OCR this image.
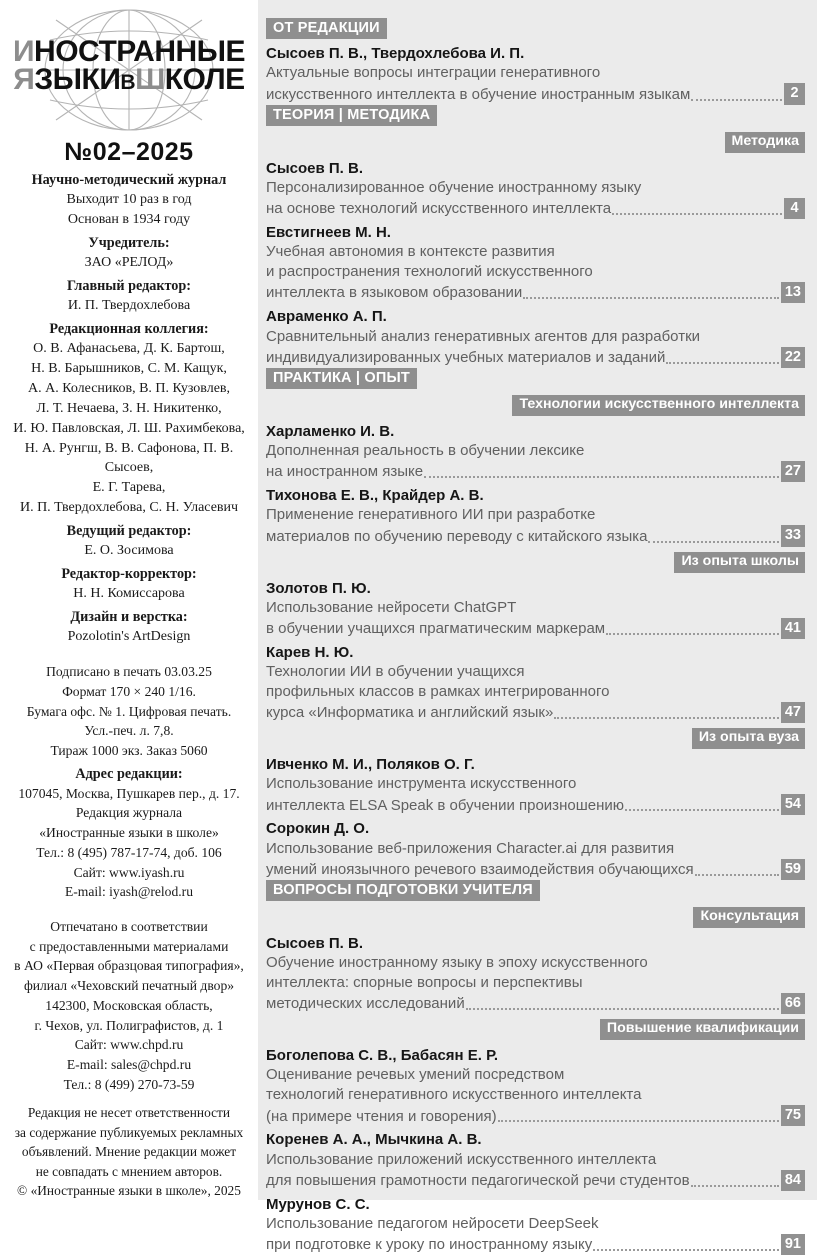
ИНОСТРАННЫЕ
ЯЗЫКИВШКОЛЕ
№02–2025
Научно-методический журнал
Выходит 10 раз в год
Основан в 1934 году
Учредитель:
ЗАО «РЕЛОД»
Главный редактор:
И. П. Твердохлебова
Редакционная коллегия:
О. В. Афанасьева, Д. К. Бартош,
Н. В. Барышников, С. М. Кащук,
А. А. Колесников, В. П. Кузовлев,
Л. Т. Нечаева, З. Н. Никитенко,
И. Ю. Павловская, Л. Ш. Рахимбекова,
Н. А. Рунгш, В. В. Сафонова, П. В. Сысоев,
Е. Г. Тарева,
И. П. Твердохлебова, С. Н. Уласевич
Ведущий редактор:
Е. О. Зосимова
Редактор-корректор:
Н. Н. Комиссарова
Дизайн и верстка:
Pozolotin's ArtDesign
Подписано в печать 03.03.25
Формат 170 × 240 1/16.
Бумага офс. № 1. Цифровая печать.
Усл.-печ. л. 7,8.
Тираж 1000 экз. Заказ 5060
Адрес редакции:
107045, Москва, Пушкарев пер., д. 17.
Редакция журнала
«Иностранные языки в школе»
Тел.: 8 (495) 787-17-74, доб. 106
Сайт: www.iyash.ru
E-mail: iyash@relod.ru
Отпечатано в соответствии
с предоставленными материалами
в АО «Первая образцовая типография»,
филиал «Чеховский печатный двор»
142300, Московская область,
г. Чехов, ул. Полиграфистов, д. 1
Сайт: www.chpd.ru
E-mail: sales@chpd.ru
Тел.: 8 (499) 270-73-59
Редакция не несет ответственности
за содержание публикуемых рекламных
объявлений. Мнение редакции может
не совпадать с мнением авторов.
© «Иностранные языки в школе», 2025
ОТ РЕДАКЦИИ
Сысоев П. В., Твердохлебова И. П.
Актуальные вопросы интеграции генеративного
искусственного интеллекта в обучение иностранным языкам	2
ТЕОРИЯ | МЕТОДИКА
Методика
Сысоев П. В.
Персонализированное обучение иностранному языку
на основе технологий искусственного интеллекта	4
Евстигнеев М. Н.
Учебная автономия в контексте развития
и распространения технологий искусственного
интеллекта в языковом образовании	13
Авраменко А. П.
Сравнительный анализ генеративных агентов для разработки
индивидуализированных учебных материалов и заданий	22
ПРАКТИКА | ОПЫТ
Технологии искусственного интеллекта
Харламенко И. В.
Дополненная реальность в обучении лексике
на иностранном языке	27
Тихонова Е. В., Крайдер А. В.
Применение генеративного ИИ при разработке
материалов по обучению переводу с китайского языка	33
Из опыта школы
Золотов П. Ю.
Использование нейросети ChatGPT
в обучении учащихся прагматическим маркерам	41
Карев Н. Ю.
Технологии ИИ в обучении учащихся
профильных классов в рамках интегрированного
курса «Информатика и английский язык»	47
Из опыта вуза
Ивченко М. И., Поляков О. Г.
Использование инструмента искусственного
интеллекта ELSA Speak в обучении произношению	54
Сорокин Д. О.
Использование веб-приложения Character.ai для развития
умений иноязычного речевого взаимодействия обучающихся	59
ВОПРОСЫ ПОДГОТОВКИ УЧИТЕЛЯ
Консультация
Сысоев П. В.
Обучение иностранному языку в эпоху искусственного
интеллекта: спорные вопросы и перспективы
методических исследований	66
Повышение квалификации
Боголепова С. В., Бабасян Е. Р.
Оценивание речевых умений посредством
технологий генеративного искусственного интеллекта
(на примере чтения и говорения)	75
Коренев А. А., Мычкина А. В.
Использование приложений искусственного интеллекта
для повышения грамотности педагогической речи студентов	84
Мурунов С. С.
Использование педагогом нейросети DeepSeek
при подготовке к уроку по иностранному языку	91
